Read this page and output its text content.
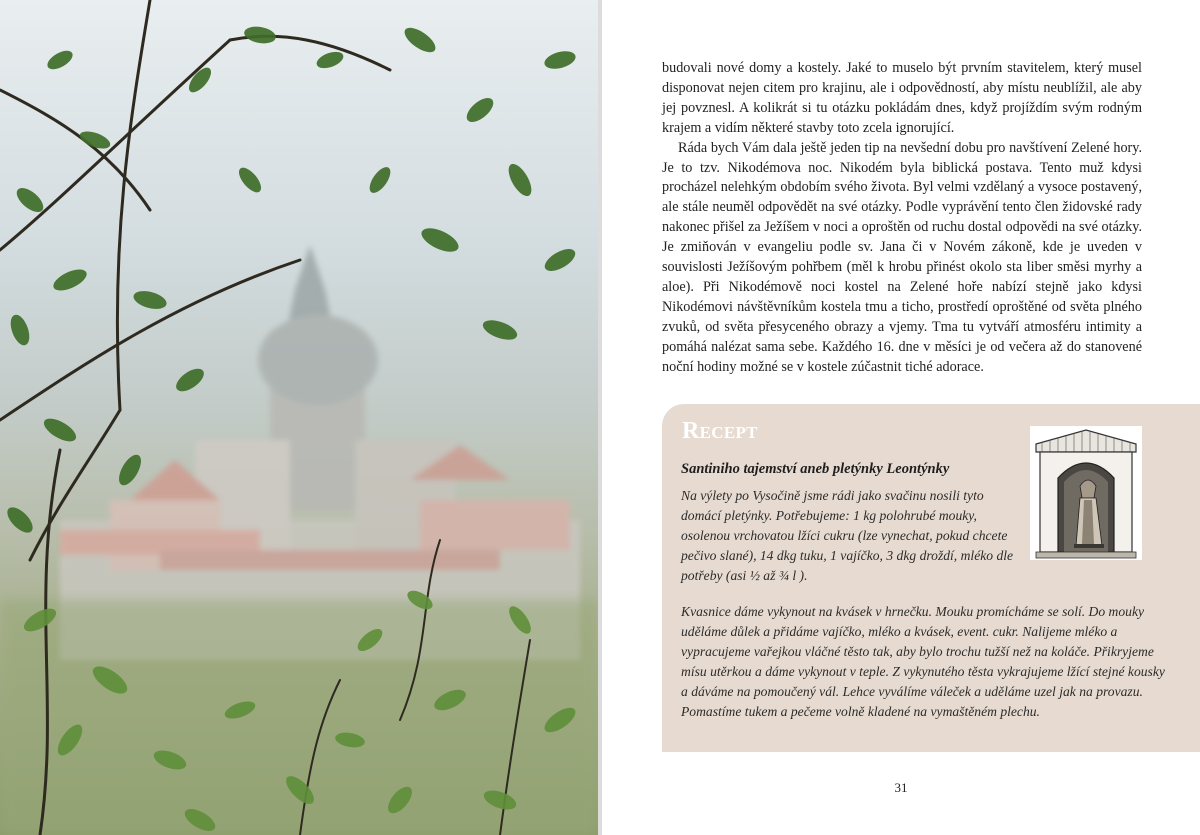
budovali nové domy a kostely. Jaké to muselo být prvním stavitelem, který musel disponovat nejen citem pro krajinu, ale i odpovědností, aby místu neublížil, ale aby jej povznesl. A kolikrát si tu otázku pokládám dnes, když projíždím svým rodným krajem a vidím některé stavby toto zcela ignorující.

Ráda bych Vám dala ještě jeden tip na nevšední dobu pro navštívení Zelené hory. Je to tzv. Nikodémova noc. Nikodém byla biblická postava. Tento muž kdysi procházel nelehkým obdobím svého života. Byl velmi vzdělaný a vysoce postavený, ale stále neuměl odpovědět na své otázky. Podle vyprávění tento člen židovské rady nakonec přišel za Ježíšem v noci a oproštěn od ruchu dostal odpovědi na své otázky. Je zmiňován v evangeliu podle sv. Jana či v Novém zákoně, kde je uveden v souvislosti Ježíšovým pohřbem (měl k hrobu přinést okolo sta liber směsi myrhy a aloe). Při Nikodémově noci kostel na Zelené hoře nabízí stejně jako kdysi Nikodémovi návštěvníkům kostela tmu a ticho, prostředí oproštěné od světa plného zvuků, od světa přesyceného obrazy a vjemy. Tma tu vytváří atmosféru intimity a pomáhá nalézat sama sebe. Každého 16. dne v měsíci je od večera až do stanovené noční hodiny možné se v kostele zúčastnit tiché adorace.

Recept
Santiniho tajemství aneb pletýnky Leontýnky

Na výlety po Vysočině jsme rádi jako svačinu nosili tyto domácí pletýnky. Potřebujeme: 1 kg polohrubé mouky, osolenou vrchovatou lžíci cukru (lze vynechat, pokud chcete pečivo slané), 14 dkg tuku, 1 vajíčko, 3 dkg droždí, mléko dle potřeby (asi ½ až ¾ l ).

Kvasnice dáme vykynout na kvásek v hrnečku. Mouku promícháme se solí. Do mouky uděláme důlek a přidáme vajíčko, mléko a kvásek, event. cukr. Nalijeme mléko a vypracujeme vařejkou vláčné těsto tak, aby bylo trochu tužší než na koláče. Přikryjeme mísu utěrkou a dáme vykynout v teple. Z vykynutého těsta vykrajujeme lžící stejné kousky a dáváme na pomoučený vál. Lehce vyválíme váleček a uděláme uzel jak na provazu. Pomastíme tukem a pečeme volně kladené na vymaštěném plechu.

31
